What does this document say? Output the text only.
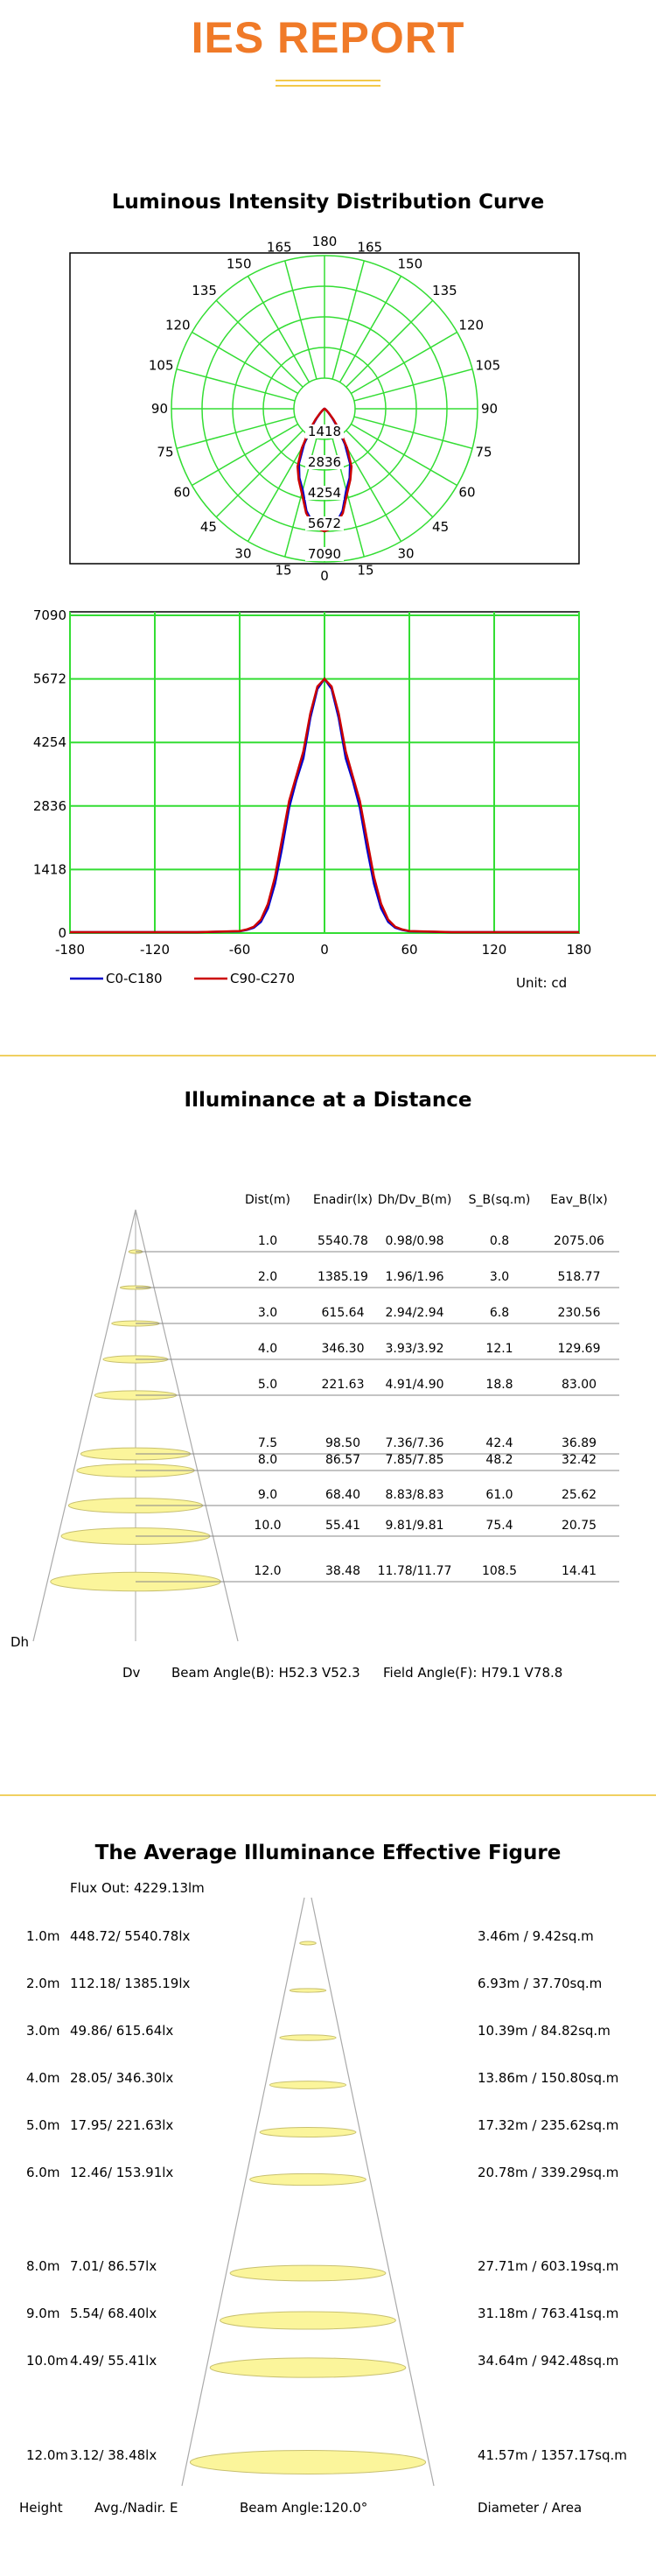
IES REPORT
Luminous Intensity Distribution Curve
180
165
150
135
120
105
90
75
60
45
30
15 0
165
150
135
120
105
90
75
60
45
30
15
1418
2836
4254
5672
7090
-180	-120	-60	0	60	120	180
0
1418
2836
4254
5672
7090
C0-C180	C90-C270	Unit: cd
Illuminance at a Distance
Dist(m) Enadir(lx) Dh/Dv_B(m) S_B(sq.m) Eav_B(lx)
1.0	5540.78 0.98/0.98	0.8	2075.06
2.0	1385.19 1.96/1.96	3.0	518.77
3.0	615.64 2.94/2.94	6.8	230.56
4.0	346.30 3.93/3.92	12.1	129.69
5.0	221.63 4.91/4.90	18.8	83.00
7.5	98.50 7.36/7.36	42.4	36.89
8.0	86.57 7.85/7.85	48.2	32.42
9.0	68.40 8.83/8.83	61.0	25.62
10.0	55.41 9.81/9.81	75.4	20.75
12.0	38.48 11.78/11.77 108.5	14.41
Dh
Dv Beam Angle(B): H52.3 V52.3 Field Angle(F): H79.1 V78.8
The Average Illuminance Effective Figure
Flux Out: 4229.13lm
1.0m 448.72/ 5540.78lx	3.46m / 9.42sq.m
2.0m 112.18/ 1385.19lx	6.93m / 37.70sq.m
3.0m 49.86/ 615.64lx	10.39m / 84.82sq.m
4.0m 28.05/ 346.30lx	13.86m / 150.80sq.m
5.0m 17.95/ 221.63lx	17.32m / 235.62sq.m
6.0m 12.46/ 153.91lx	20.78m / 339.29sq.m
8.0m 7.01/ 86.57lx	27.71m / 603.19sq.m
9.0m 5.54/ 68.40lx	31.18m / 763.41sq.m
10.0m 4.49/ 55.41lx	34.64m / 942.48sq.m
12.0m 3.12/ 38.48lx	41.57m / 1357.17sq.m
Height Avg./Nadir. E	Beam Angle:120.0°	Diameter / Area
